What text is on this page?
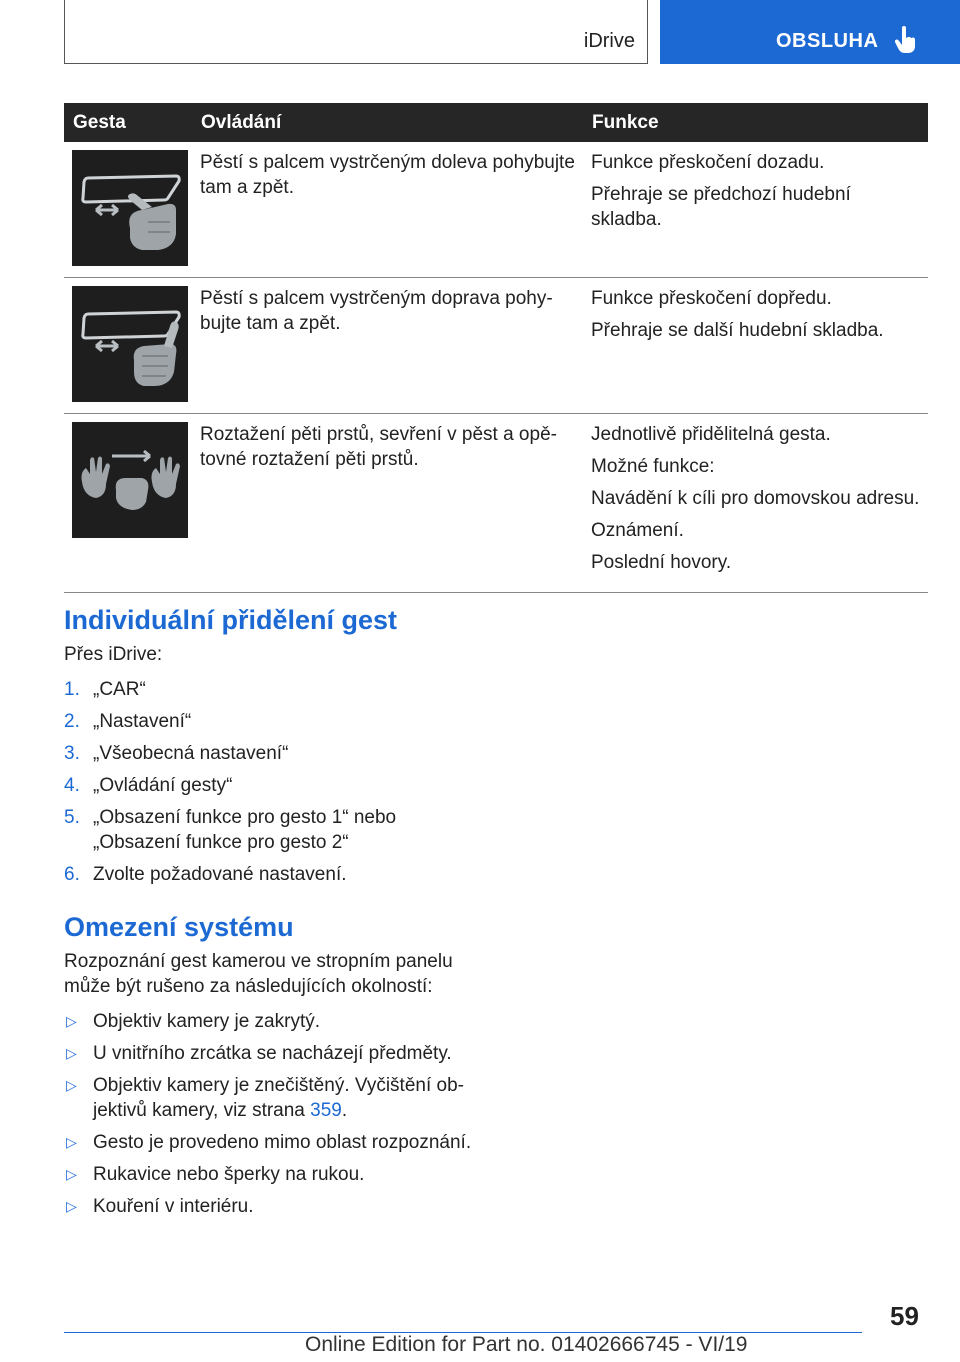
iDrive	OBSLUHA
Gesta	Ovládání	Funkce

Pěstí s palcem vystrčeným doleva pohybujte tam a zpět.	Funkce přeskočení dozadu.

Přehraje se předchozí hudební skladba.

Pěstí s palcem vystrčeným doprava pohy-bujte tam a zpět.	Funkce přeskočení dopředu.

Přehraje se další hudební skladba.

Roztažení pěti prstů, sevření v pěst a opě-tovné roztažení pěti prstů.	Jednotlivě přidělitelná gesta.

Možné funkce:

Navádění k cíli pro domovskou adresu.

Oznámení.

Poslední hovory.

Individuální přidělení gest

Přes iDrive:

1. „CAR“
2. „Nastavení“
3. „Všeobecná nastavení“
4. „Ovládání gesty“
5. „Obsazení funkce pro gesto 1“ nebo „Obsazení funkce pro gesto 2“
6. Zvolte požadované nastavení.
Omezení systému

Rozpoznání gest kamerou ve stropním panelu může být rušeno za následujících okolností:

▷ Objektiv kamery je zakrytý.
▷ U vnitřního zrcátka se nacházejí předměty.
▷ Objektiv kamery je znečištěný. Vyčištění ob-jektivů kamery, viz strana 359.
▷ Gesto je provedeno mimo oblast rozpoznání.
▷ Rukavice nebo šperky na rukou.
▷ Kouření v interiéru.
59
Online Edition for Part no. 01402666745 - VI/19
